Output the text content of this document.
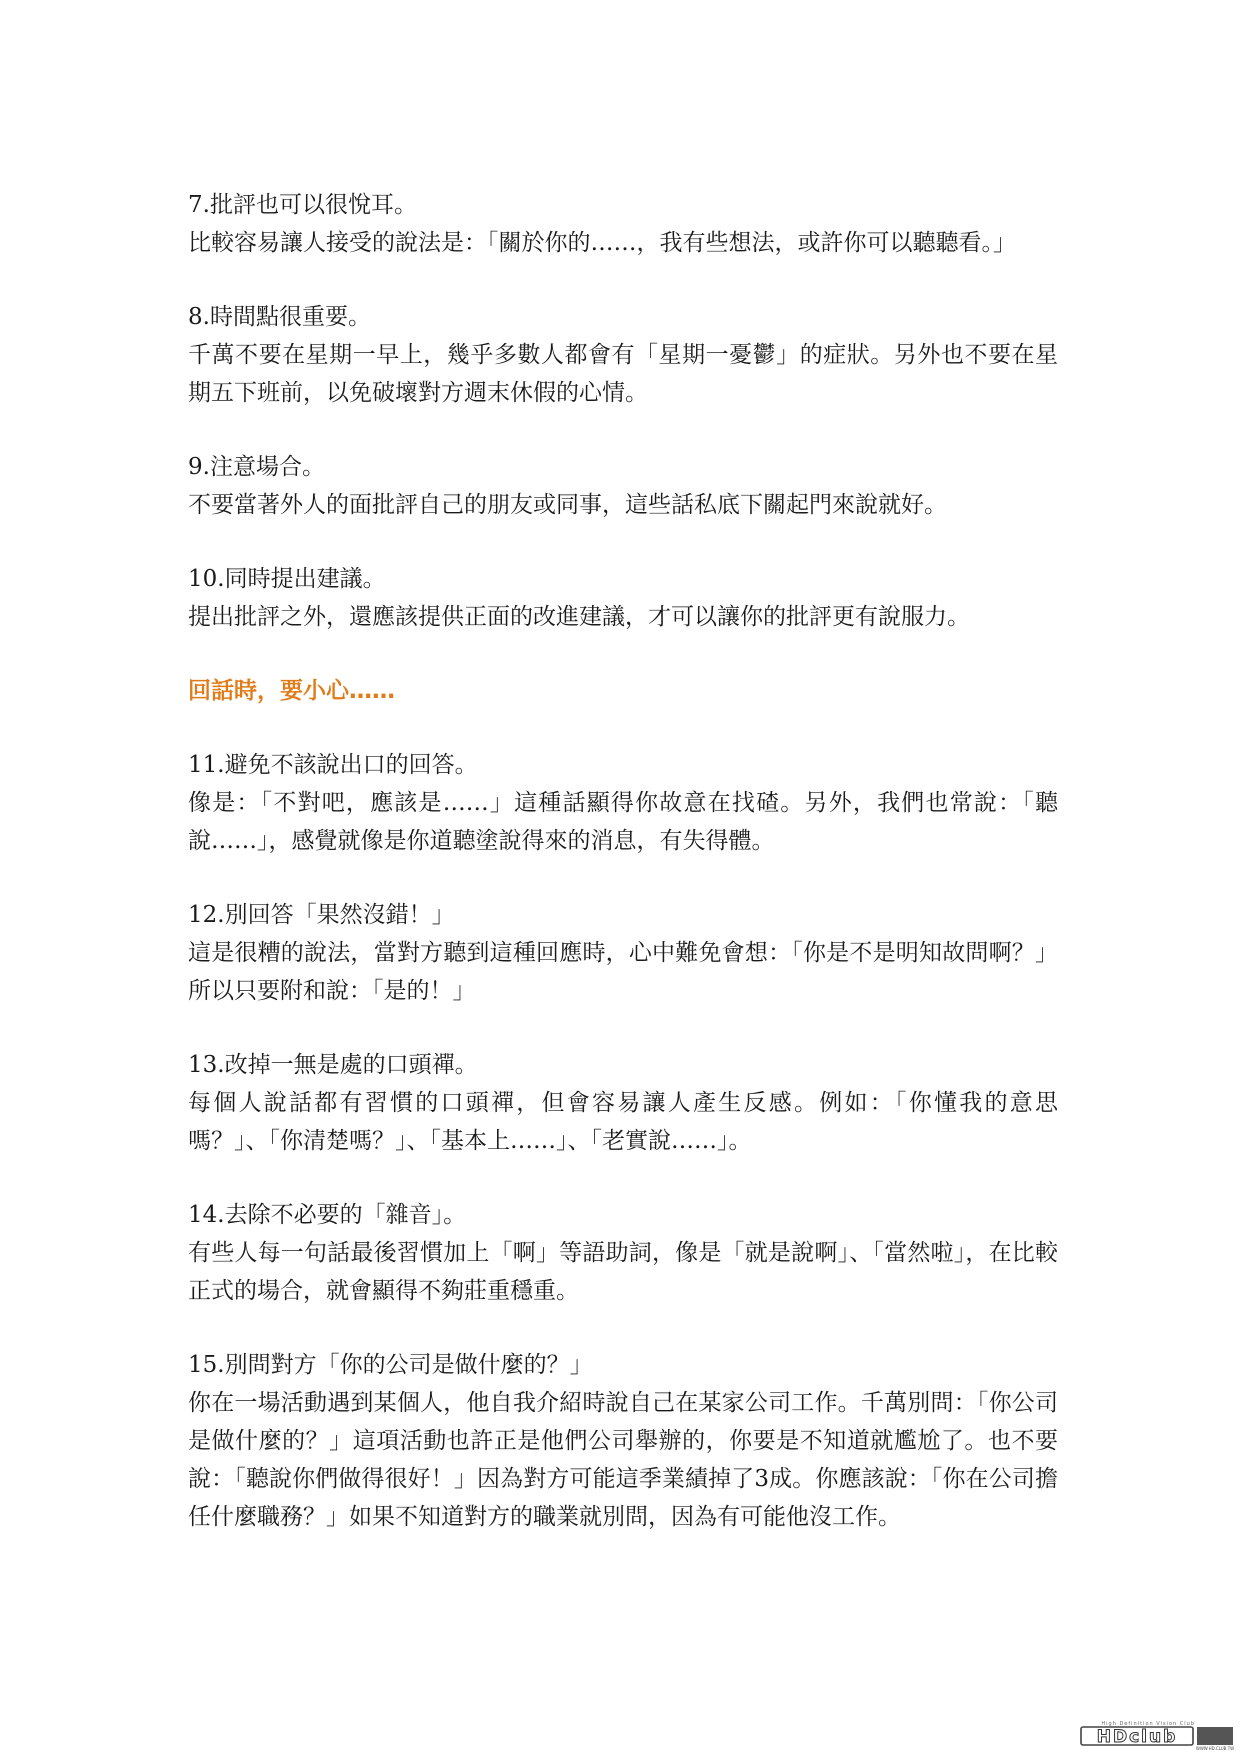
7.批評也可以很悅耳。

比較容易讓人接受的說法是：「關於你的……，我有些想法，或許你可以聽聽看。」

8.時間點很重要。

千萬不要在星期一早上，幾乎多數人都會有「星期一憂鬱」的症狀。另外也不要在星期五下班前，以免破壞對方週末休假的心情。

9.注意場合。

不要當著外人的面批評自己的朋友或同事，這些話私底下關起門來說就好。

10.同時提出建議。

提出批評之外，還應該提供正面的改進建議，才可以讓你的批評更有說服力。

回話時，要小心……

11.避免不該說出口的回答。

像是：「不對吧，應該是……」這種話顯得你故意在找碴。另外，我們也常說：「聽說……」，感覺就像是你道聽塗說得來的消息，有失得體。

12.別回答「果然沒錯！」

這是很糟的說法，當對方聽到這種回應時，心中難免會想：「你是不是明知故問啊？」所以只要附和說：「是的！」

13.改掉一無是處的口頭禪。

每個人說話都有習慣的口頭禪，但會容易讓人產生反感。例如：「你懂我的意思嗎？」、「你清楚嗎？」、「基本上……」、「老實說……」。

14.去除不必要的「雜音」。

有些人每一句話最後習慣加上「啊」等語助詞，像是「就是說啊」、「當然啦」，在比較正式的場合，就會顯得不夠莊重穩重。

15.別問對方「你的公司是做什麼的？」

你在一場活動遇到某個人，他自我介紹時說自己在某家公司工作。千萬別問：「你公司是做什麼的？」這項活動也許正是他們公司舉辦的，你要是不知道就尷尬了。也不要說：「聽說你們做得很好！」因為對方可能這季業績掉了3成。你應該說：「你在公司擔任什麼職務？」如果不知道對方的職業就別問，因為有可能他沒工作。

High Definition Vision Club
HDclub
WWW.HD.CLUB.TW
